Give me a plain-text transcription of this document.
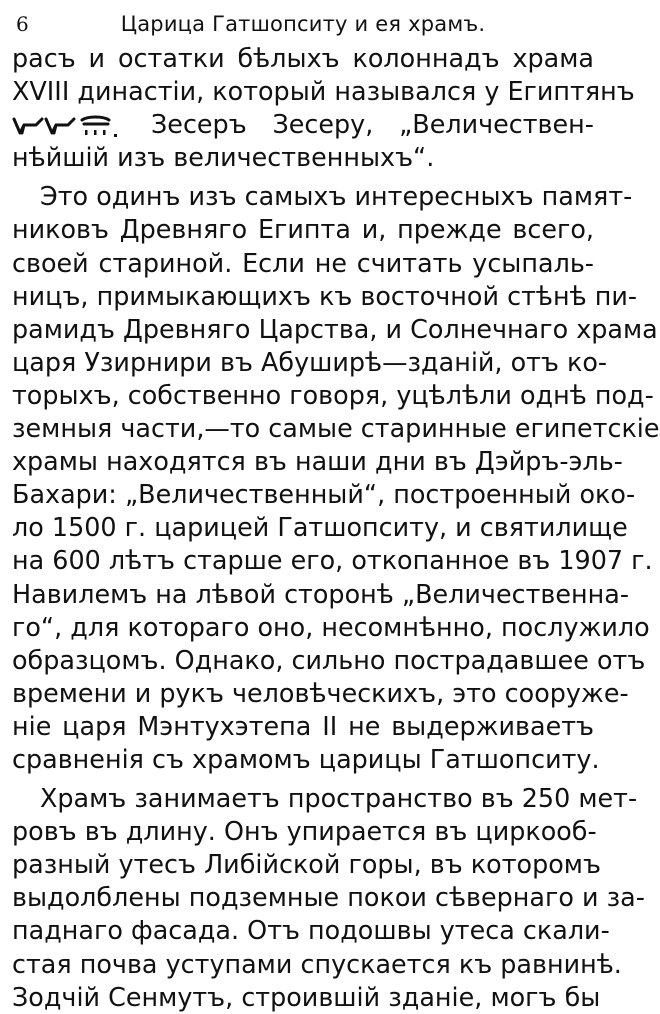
6	Царица Гатшопситу и ея храмъ.
расъ и остатки бѣлыхъ колоннадъ храма
XVIII династiи, который назывался у Египтянъ
Зесеръ Зесеру, „Величествен-
нѣйшiй изъ величественныхъ“.
Это одинъ изъ самыхъ интересныхъ памят-
никовъ Древняго Египта и, прежде всего,
своей стариной. Если не считать усыпаль-
ницъ, примыкающихъ къ восточной стѣнѣ пи-
рамидъ Древняго Царства, и Солнечнаго храма
царя Узирнири въ Абуширѣ—зданiй, отъ ко-
торыхъ, собственно говоря, уцѣлѣли однѣ под-
земныя части,—то самые старинные египетскiе
храмы находятся въ наши дни въ Дэйръ-эль-
Бахари: „Величественный“, построенный око-
ло 1500 г. царицей Гатшопситу, и святилище
на 600 лѣтъ старше его, откопанное въ 1907 г.
Навилемъ на лѣвой сторонѣ „Величественна-
го“, для котораго оно, несомнѣнно, послужило
образцомъ. Однако, сильно пострадавшее отъ
времени и рукъ человѣческихъ, это сооруже-
нiе царя Мэнтухэтепа II не выдерживаетъ
сравненiя съ храмомъ царицы Гатшопситу.
Храмъ занимаетъ пространство въ 250 мет-
ровъ въ длину. Онъ упирается въ циркооб-
разный утесъ Либiйской горы, въ которомъ
выдолблены подземные покои сѣвернаго и за-
паднаго фасада. Отъ подошвы утеса скали-
стая почва уступами спускается къ равнинѣ.
Зодчiй Сенмутъ, строившiй зданiе, могъ бы
